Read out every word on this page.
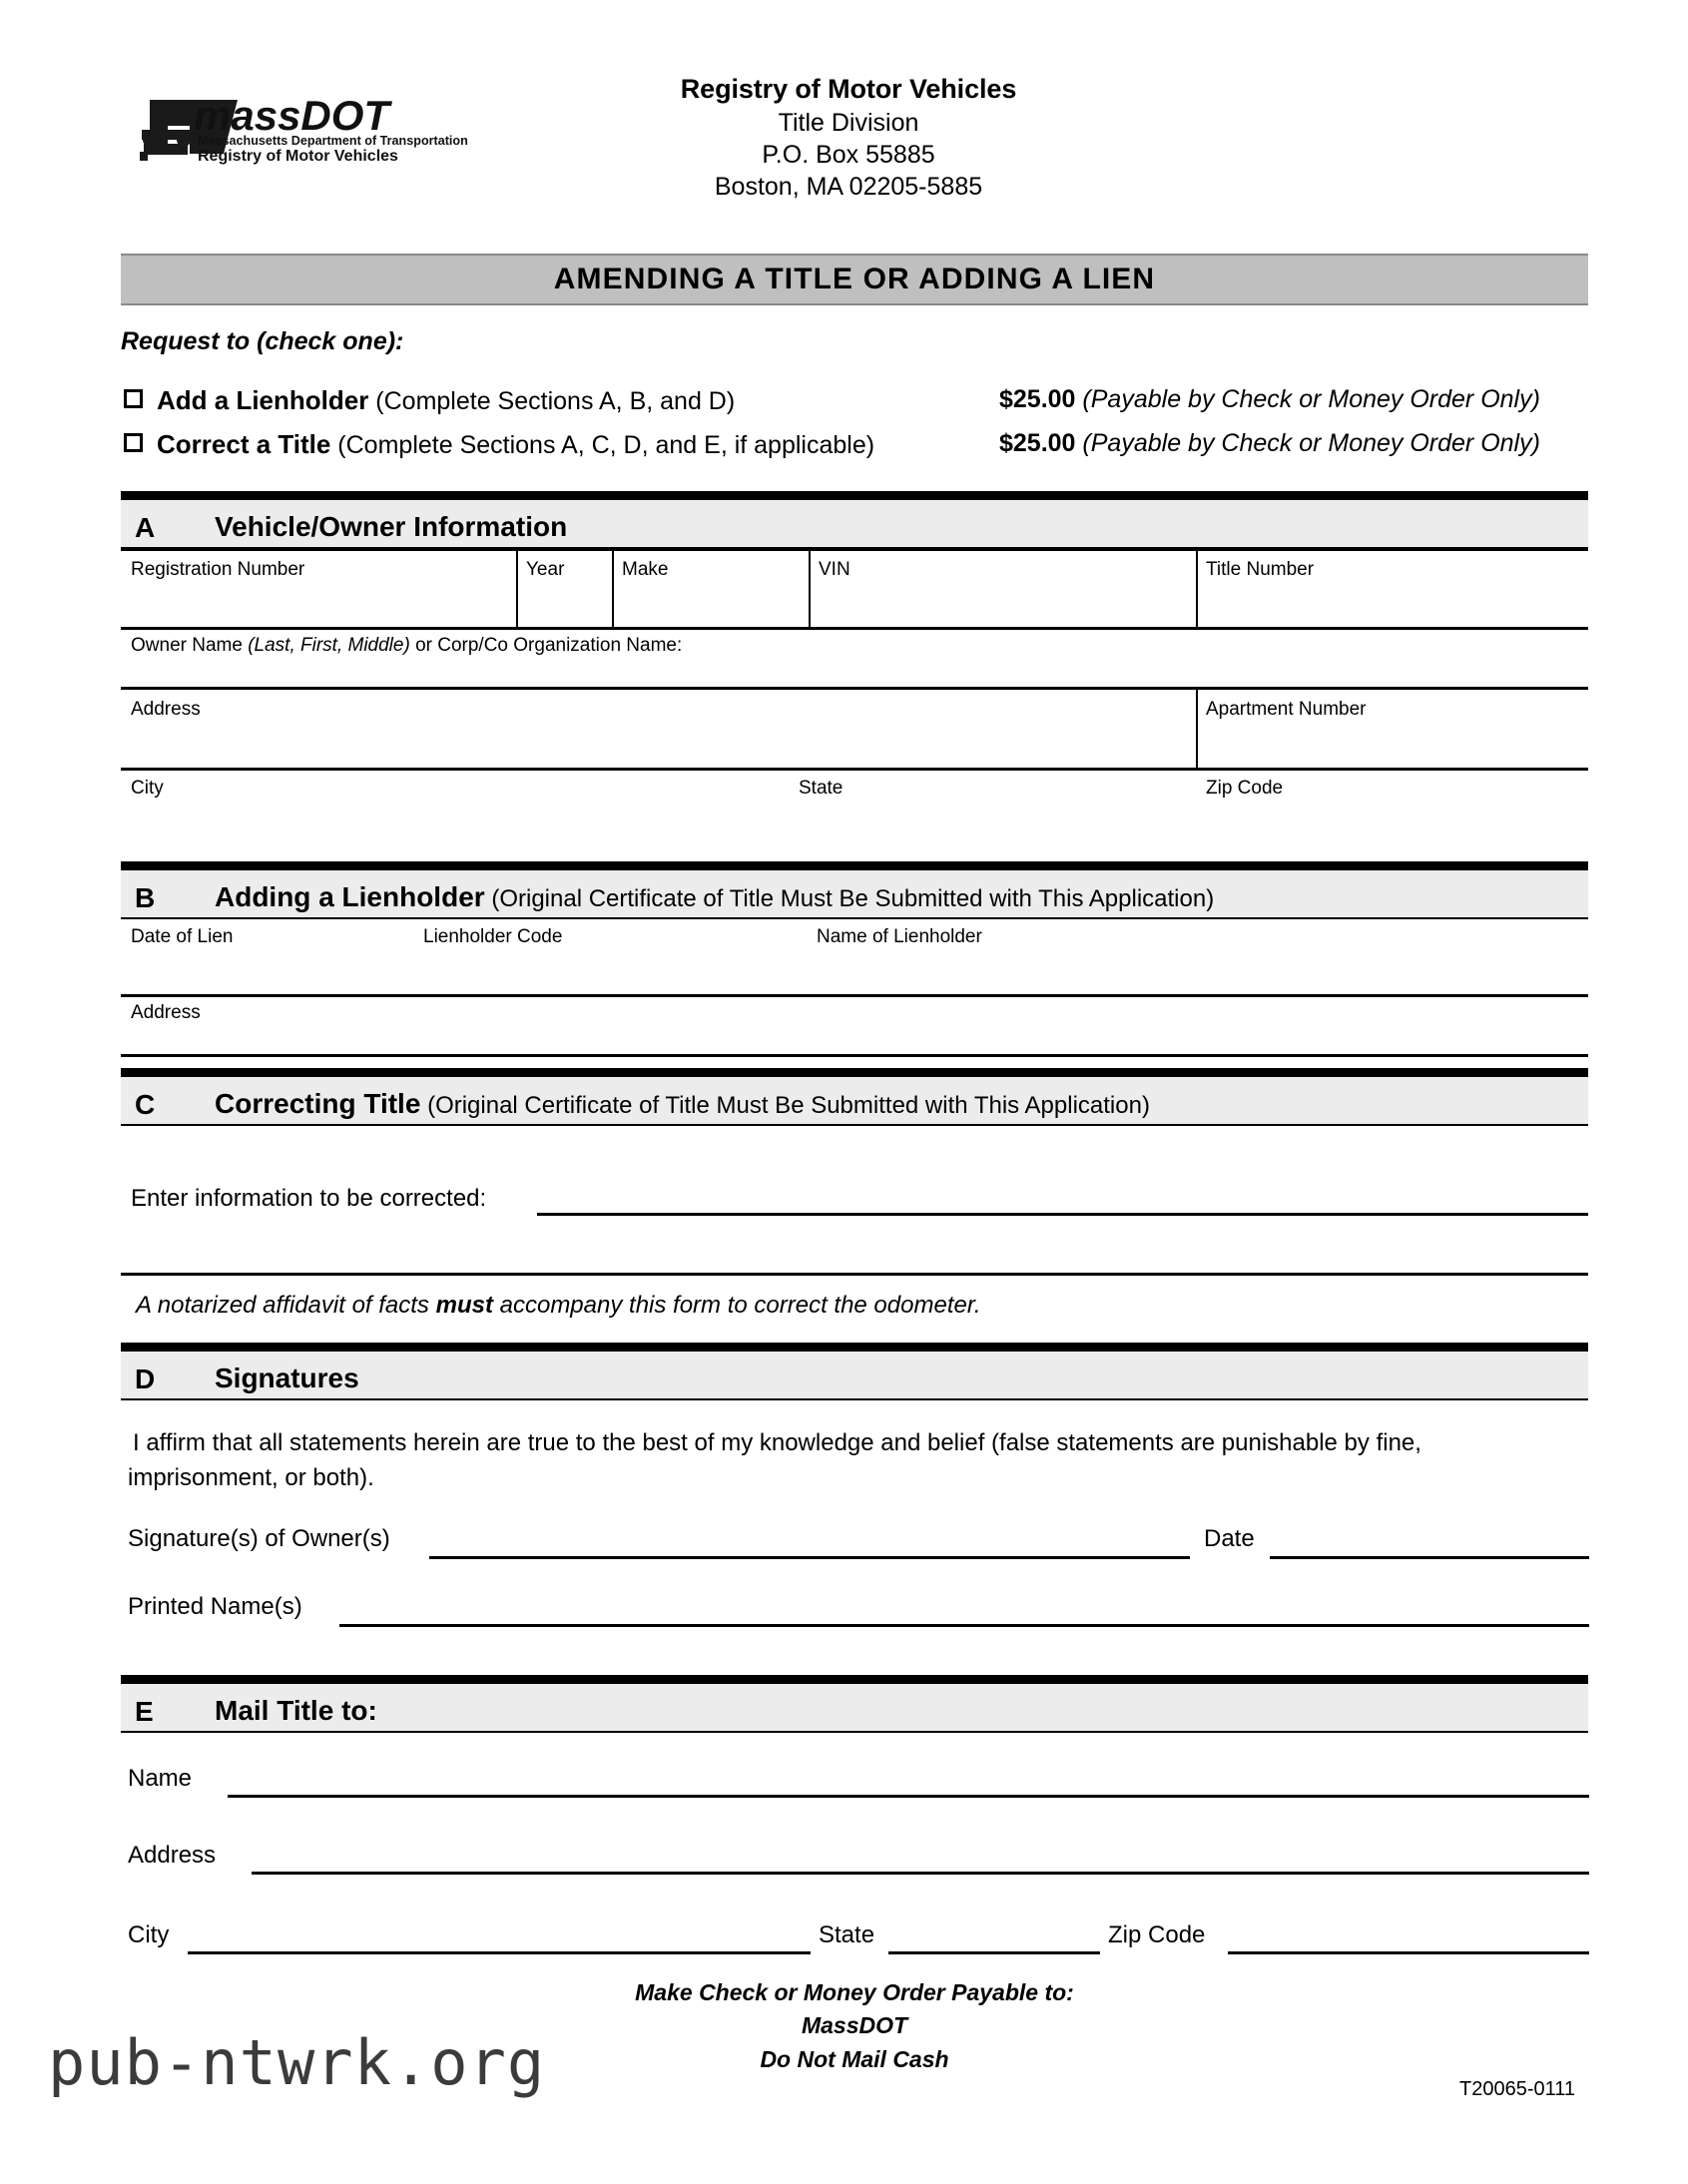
massDOT
Massachusetts Department of Transportation
Registry of Motor Vehicles
Registry of Motor Vehicles
Title Division
P.O. Box 55885
Boston, MA 02205-5885
AMENDING A TITLE OR ADDING A LIEN
Request to (check one):
Add a Lienholder (Complete Sections A, B, and D)	$25.00 (Payable by Check or Money Order Only)
Correct a Title (Complete Sections A, C, D, and E, if applicable)	$25.00 (Payable by Check or Money Order Only)
A Vehicle/Owner Information
Registration Number	Year	Make	VIN	Title Number
Owner Name (Last, First, Middle) or Corp/Co Organization Name:
Address	Apartment Number
City	State	Zip Code
B Adding a Lienholder (Original Certificate of Title Must Be Submitted with This Application)
Date of Lien	Lienholder Code	Name of Lienholder
Address
C Correcting Title (Original Certificate of Title Must Be Submitted with This Application)
Enter information to be corrected:
A notarized affidavit of facts must accompany this form to correct the odometer.
D Signatures
I affirm that all statements herein are true to the best of my knowledge and belief (false statements are punishable by fine,
imprisonment, or both).
Signature(s) of Owner(s)	Date
Printed Name(s)
E Mail Title to:
Name
Address
City	State	Zip Code
Make Check or Money Order Payable to:
MassDOT
Do Not Mail Cash
T20065-0111
pub-ntwrk.org
